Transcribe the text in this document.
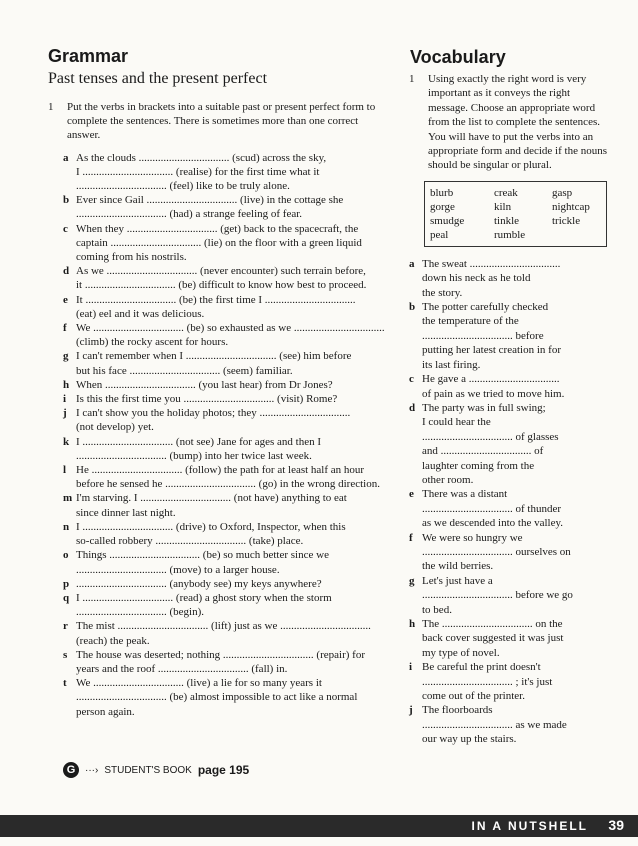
Grammar
Past tenses and the present perfect
1	Put the verbs in brackets into a suitable past or present perfect form to complete the sentences. There is sometimes more than one correct answer.
a As the clouds ................................. (scud) across the sky,
I ................................. (realise) for the first time what it
................................. (feel) like to be truly alone.
b Ever since Gail ................................. (live) in the cottage she
................................. (had) a strange feeling of fear.
c When they ................................. (get) back to the spacecraft, the
captain ................................. (lie) on the floor with a green liquid
coming from his nostrils.
d As we ................................. (never encounter) such terrain before,
it ................................. (be) difficult to know how best to proceed.
e It ................................. (be) the first time I .................................
(eat) eel and it was delicious.
f We ................................. (be) so exhausted as we .................................
(climb) the rocky ascent for hours.
g I can't remember when I ................................. (see) him before
but his face ................................. (seem) familiar.
h When ................................. (you last hear) from Dr Jones?
i Is this the first time you ................................. (visit) Rome?
j I can't show you the holiday photos; they .................................
(not develop) yet.
k I ................................. (not see) Jane for ages and then I
................................. (bump) into her twice last week.
l He ................................. (follow) the path for at least half an hour
before he sensed he ................................. (go) in the wrong direction.
m I'm starving. I ................................. (not have) anything to eat
since dinner last night.
n I ................................. (drive) to Oxford, Inspector, when this
so-called robbery ................................. (take) place.
o Things ................................. (be) so much better since we
................................. (move) to a larger house.
p ................................. (anybody see) my keys anywhere?
q I ................................. (read) a ghost story when the storm
................................. (begin).
r The mist ................................. (lift) just as we .................................
(reach) the peak.
s The house was deserted; nothing ................................. (repair) for
years and the roof ................................. (fall) in.
t We ................................. (live) a lie for so many years it
................................. (be) almost impossible to act like a normal
person again.
G ···› STUDENT'S BOOK page 195
Vocabulary
1	Using exactly the right word is very important as it conveys the right message. Choose an appropriate word from the list to complete the sentences. You will have to put the verbs into an appropriate form and decide if the nouns should be singular or plural.
blurb	creak	gasp
gorge	kiln	nightcap
smudge	tinkle	trickle
peal	rumble
a The sweat .................................
down his neck as he told
the story.
b The potter carefully checked
the temperature of the
................................. before
putting her latest creation in for
its last firing.
c He gave a .................................
of pain as we tried to move him.
d The party was in full swing;
I could hear the
................................. of glasses
and ................................. of
laughter coming from the
other room.
e There was a distant
................................. of thunder
as we descended into the valley.
f We were so hungry we
................................. ourselves on
the wild berries.
g Let's just have a
................................. before we go
to bed.
h The ................................. on the
back cover suggested it was just
my type of novel.
i Be careful the print doesn't
................................. ; it's just
come out of the printer.
j The floorboards
................................. as we made
our way up the stairs.
IN A NUTSHELL 39
